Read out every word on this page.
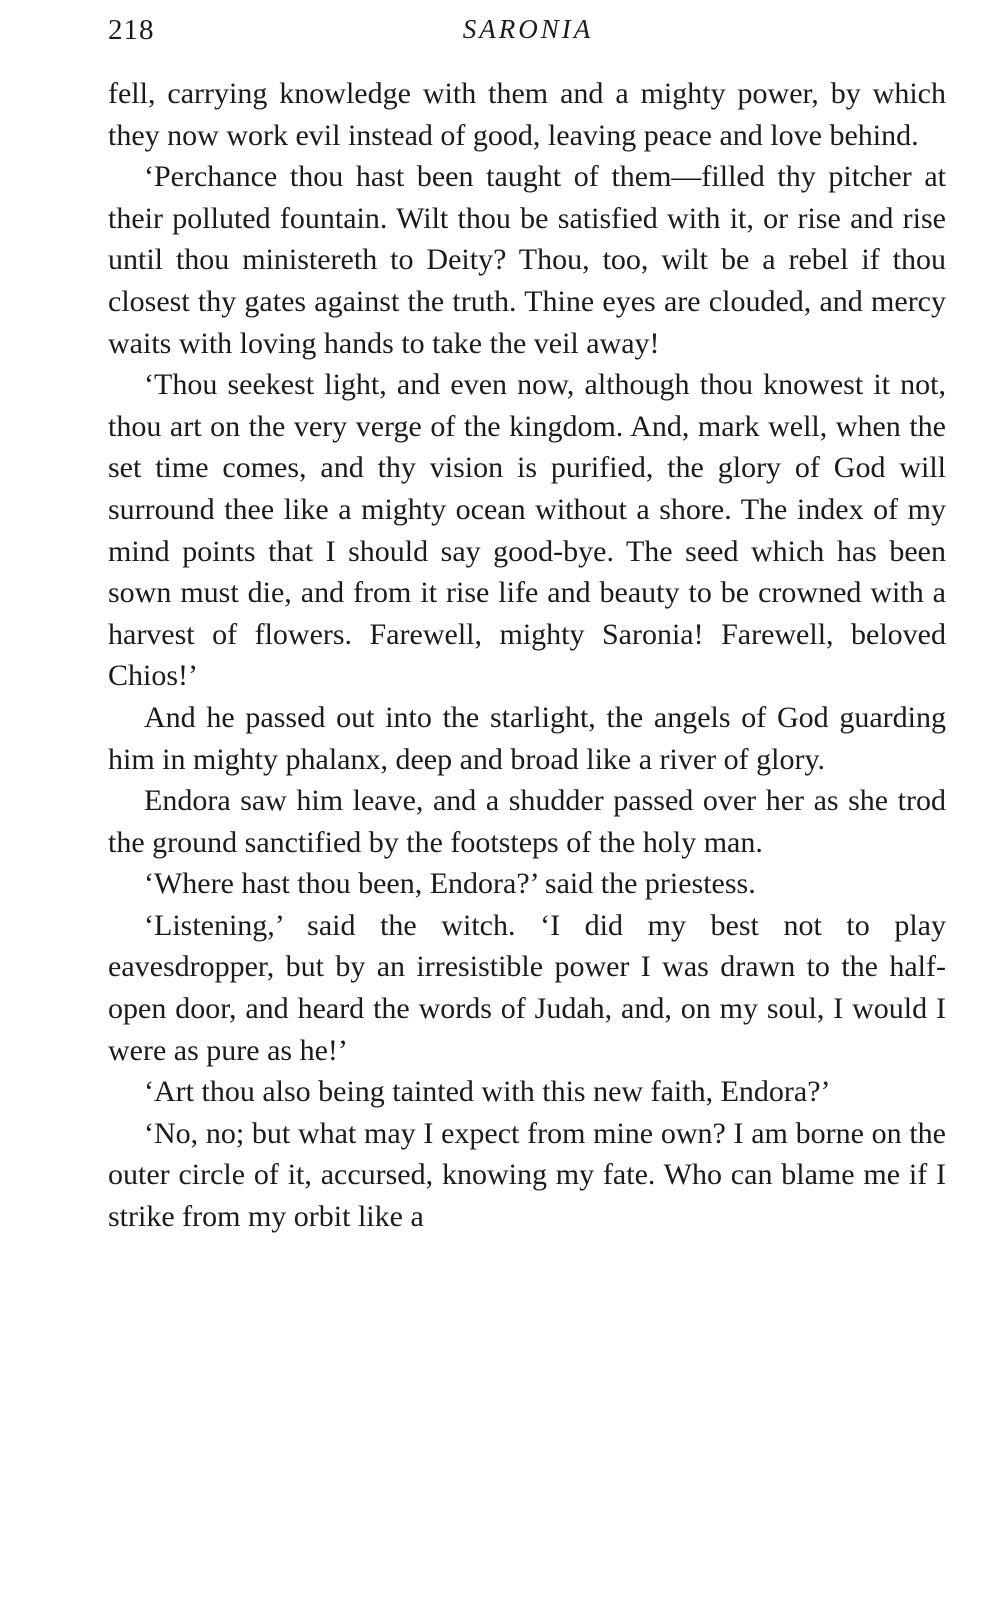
218	SARONIA

fell, carrying knowledge with them and a mighty power, by which they now work evil instead of good, leaving peace and love behind.

‘Perchance thou hast been taught of them—filled thy pitcher at their polluted fountain. Wilt thou be satisfied with it, or rise and rise until thou ministereth to Deity? Thou, too, wilt be a rebel if thou closest thy gates against the truth. Thine eyes are clouded, and mercy waits with loving hands to take the veil away!

‘Thou seekest light, and even now, although thou knowest it not, thou art on the very verge of the kingdom. And, mark well, when the set time comes, and thy vision is purified, the glory of God will surround thee like a mighty ocean without a shore. The index of my mind points that I should say good-bye. The seed which has been sown must die, and from it rise life and beauty to be crowned with a harvest of flowers. Farewell, mighty Saronia! Farewell, beloved Chios!’

And he passed out into the starlight, the angels of God guarding him in mighty phalanx, deep and broad like a river of glory.

Endora saw him leave, and a shudder passed over her as she trod the ground sanctified by the footsteps of the holy man.

‘Where hast thou been, Endora?’ said the priestess.

‘Listening,’ said the witch. ‘I did my best not to play eavesdropper, but by an irresistible power I was drawn to the half-open door, and heard the words of Judah, and, on my soul, I would I were as pure as he!’

‘Art thou also being tainted with this new faith, Endora?’

‘No, no; but what may I expect from mine own? I am borne on the outer circle of it, accursed, knowing my fate. Who can blame me if I strike from my orbit like a
